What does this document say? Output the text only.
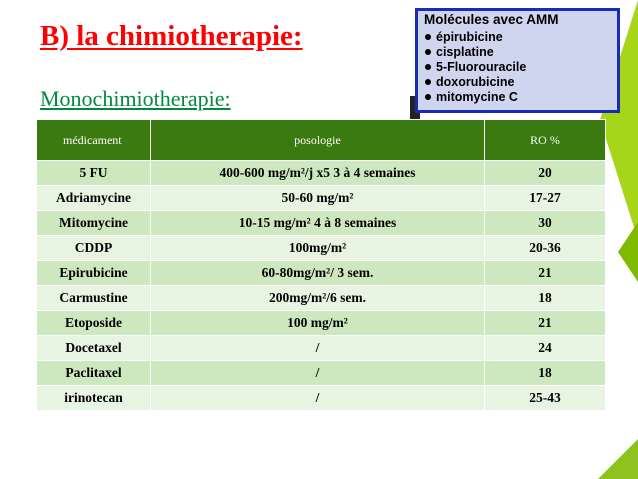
B) la chimiotherapie:
Monochimiotherapie:
Molécules avec AMM
épirubicine
cisplatine
5-Fluorouracile
doxorubicine
mitomycine C
médicament	posologie	RO %
5 FU	400-600 mg/m²/j x5 3 à 4 semaines	20
Adriamycine	50-60 mg/m²	17-27
Mitomycine	10-15 mg/m² 4 à 8 semaines	30
CDDP	100mg/m²	20-36
Epirubicine	60-80mg/m²/ 3 sem.	21
Carmustine	200mg/m²/6 sem.	18
Etoposide	100 mg/m²	21
Docetaxel	/	24
Paclitaxel	/	18
irinotecan	/	25-43
